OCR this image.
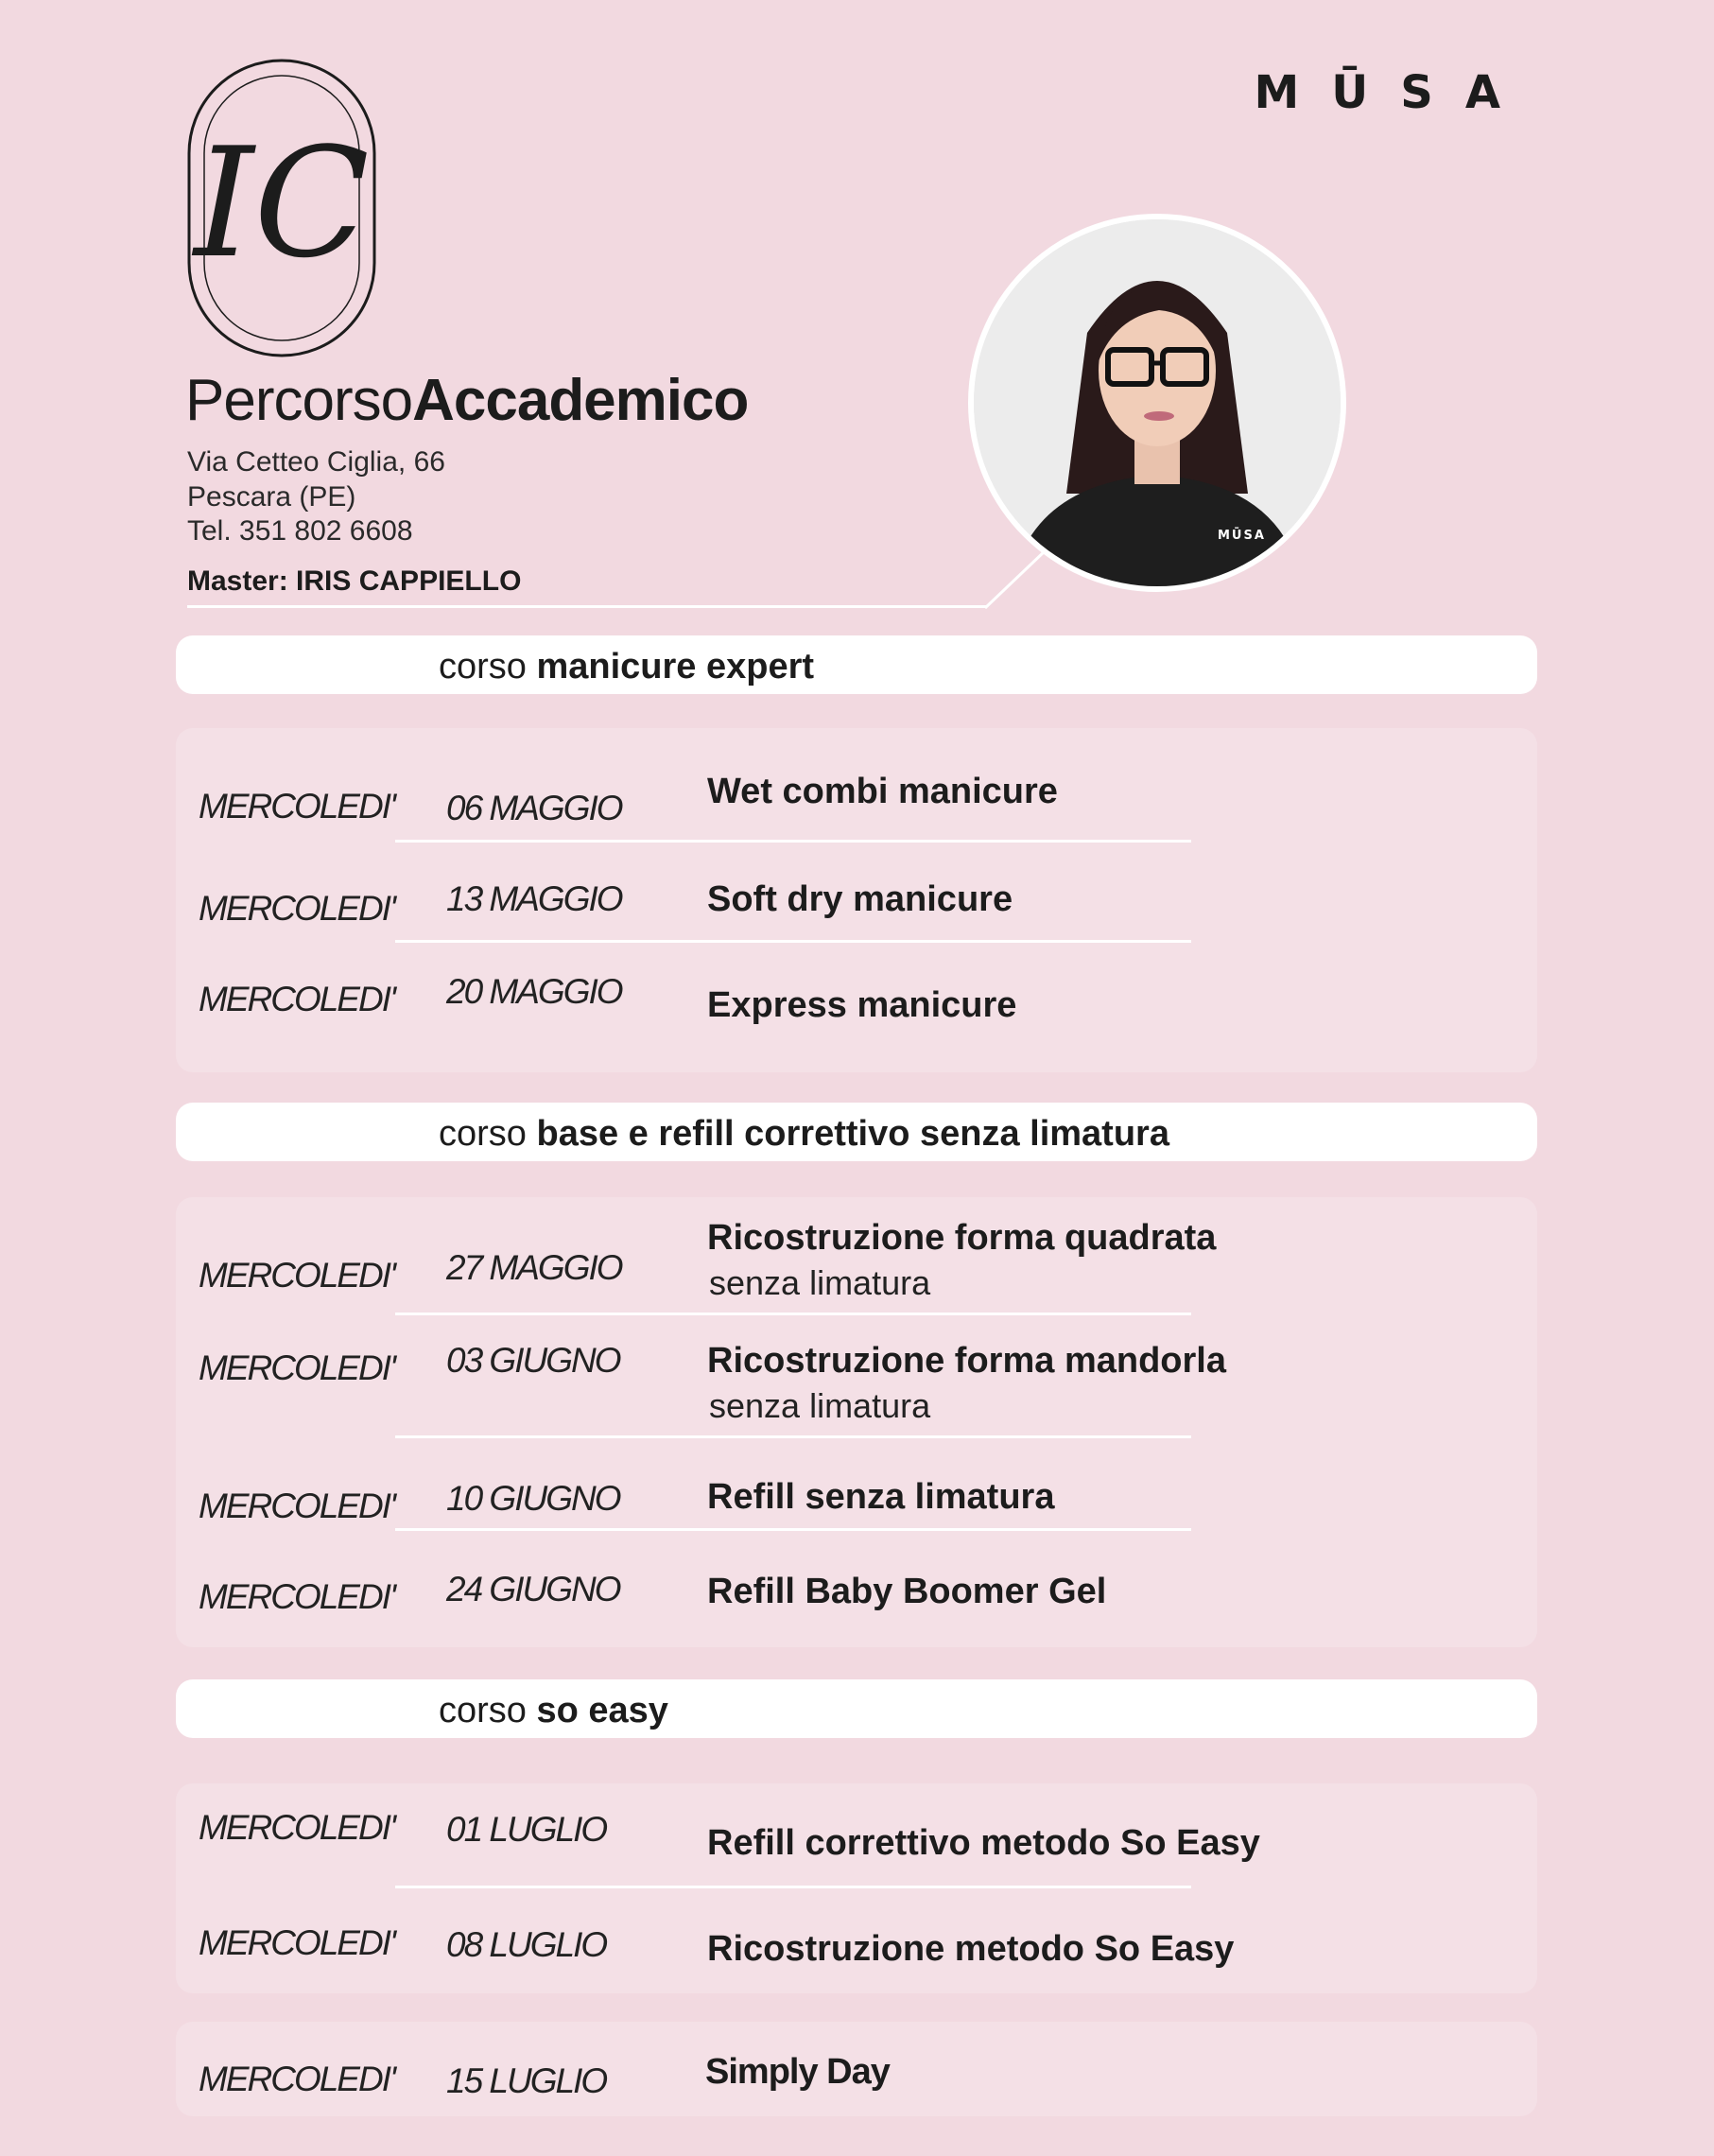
IC
MŪSA
PercorsoAccademico
Via Cetteo Ciglia, 66
Pescara (PE)
Tel. 351 802 6608
Master: IRIS CAPPIELLO
MŪSA
corso manicure expert
MERCOLEDI' 06 MAGGIO Wet combi manicure
MERCOLEDI' 13 MAGGIO Soft dry manicure
MERCOLEDI' 20 MAGGIO Express manicure
corso base e refill correttivo senza limatura
MERCOLEDI' 27 MAGGIO
Ricostruzione forma quadrata
senza limatura
MERCOLEDI' 03 GIUGNO Ricostruzione forma mandorla
senza limatura
MERCOLEDI' 10 GIUGNO Refill senza limatura
MERCOLEDI' 24 GIUGNO Refill Baby Boomer Gel
corso so easy
MERCOLEDI' 01 LUGLIO	Refill correttivo metodo So Easy
MERCOLEDI' 08 LUGLIO	Ricostruzione metodo So Easy
MERCOLEDI' 15 LUGLIO	Simply Day
